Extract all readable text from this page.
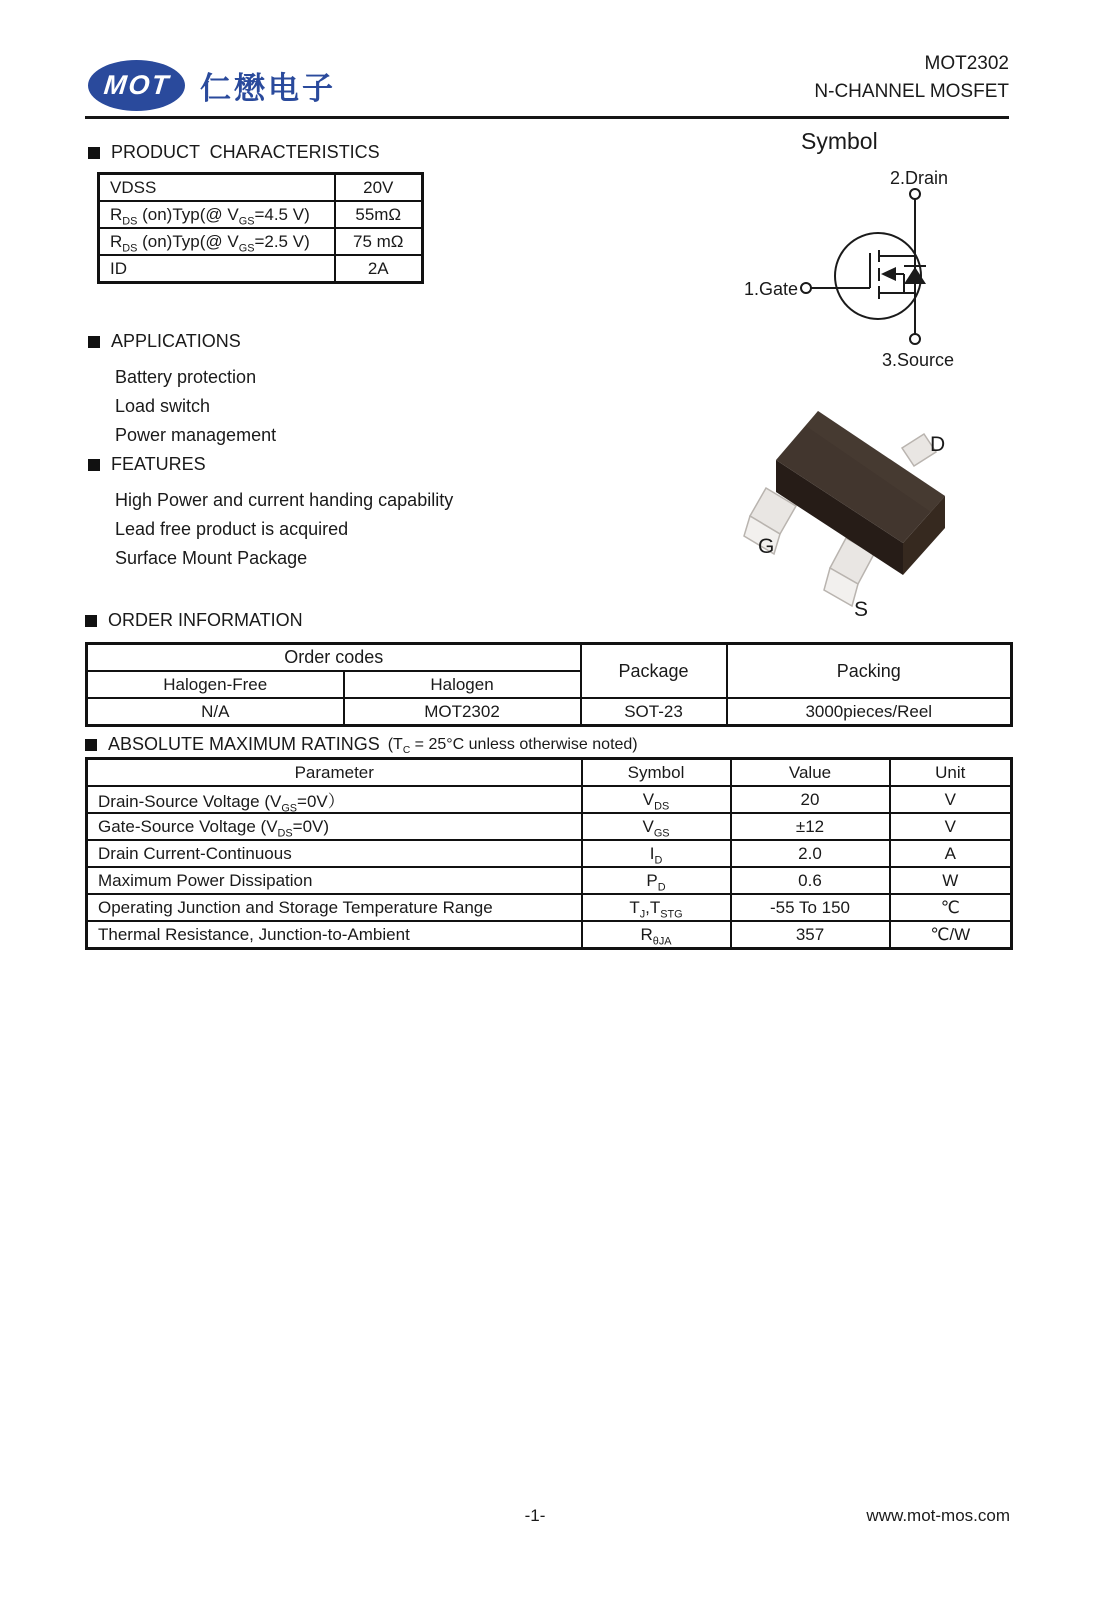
MOT 仁懋电子
MOT2302
N-CHANNEL MOSFET
PRODUCT  CHARACTERISTICS
VDSS	20V
$R_{DS}$ (on)Typ(@ $V_{GS}=4.5$ V)	55mΩ
$R_{DS}$ (on)Typ(@ $V_{GS}=2.5$ V)	75 mΩ
ID	2A
Symbol
2.Drain
1.Gate
3.Source
APPLICATIONS
Battery protection
Load switch
Power management
FEATURES
High Power and current handing capability
Lead free product is acquired
Surface Mount Package
D
G
S
ORDER INFORMATION
Order codes		Package	Packing
Halogen-Free	Halogen		
N/A	MOT2302	SOT-23	3000pieces/Reel
ABSOLUTE MAXIMUM RATINGS ($T_C = 25^\circ C$ unless otherwise noted)
Parameter	Symbol	Value	Unit
Drain-Source Voltage $(V_{GS}=0V)$	$V_{DS}$	20	V
Gate-Source Voltage $(V_{DS}=0V)$	$V_{GS}$	±12	V
Drain Current-Continuous	$I_D$	2.0	A
Maximum Power Dissipation	$P_D$	0.6	W
Operating Junction and Storage Temperature Range	$T_J,T_{STG}$	-55 To 150	℃
Thermal Resistance, Junction-to-Ambient	$R_{\theta JA}$	357	℃/W
-1-	www.mot-mos.com
